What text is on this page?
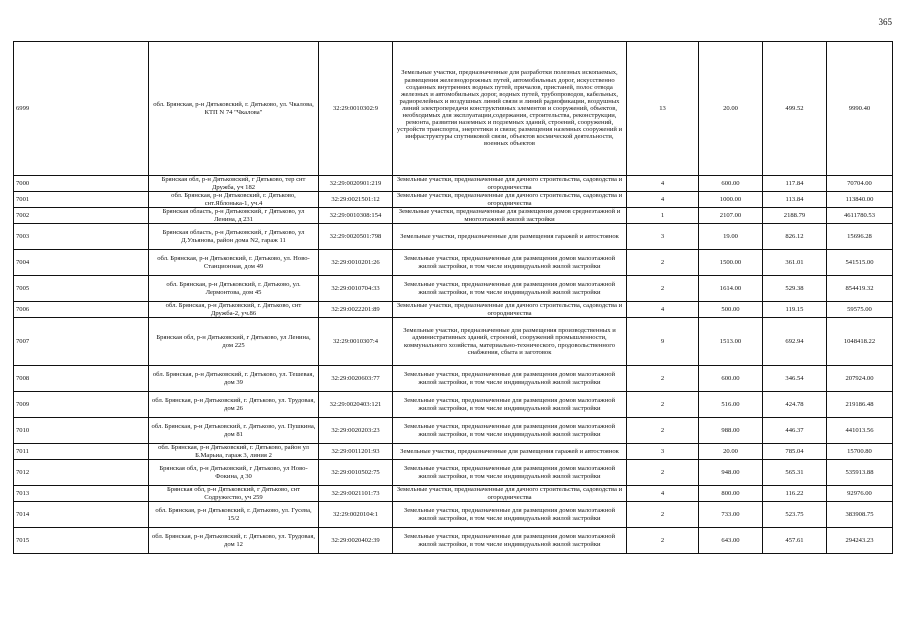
365
6999	обл. Брянская, р-н Дятьковский, г. Дятьково, ул. Чкалова, КТП N 74 "Чкалова"	32:29:0010302:9	Земельные участки, предназначенные для разработки полезных ископаемых, размещения железнодорожных путей, автомобильных дорог, искусственно созданных внутренних водных путей, причалов, пристаней, полос отвода железных и автомобильных дорог, водных путей, трубопроводов, кабельных, радиорелейных и воздушных линий связи и линий радиофикации, воздушных линий электропередачи конструктивных элементов и сооружений, объектов, необходимых для эксплуатации,содержания, строительства, реконструкции, ремонта, развития наземных и подземных зданий, строений, сооружений, устройств транспорта, энергетики и связи; размещения наземных сооружений и инфраструктуры спутниковой связи, объектов космической деятельности, военных объектов	13	20.00	499.52	9990.40
7000	Брянская обл, р-н Дятьковский, г Дятьково, тер снт Дружба, уч 182	32:29:0020901:219	Земельные участки, предназначенные для дачного строительства, садоводства и огородничества	4	600.00	117.84	70704.00
7001	обл. Брянская, р-н Дятьковский, г. Дятьково, снт.Яблонька-1, уч.4	32:29:0021501:12	Земельные участки, предназначенные для дачного строительства, садоводства и огородничества	4	1000.00	113.84	113840.00
7002	Брянская область, р-н Дятьковский, г Дятьково, ул Ленина, д 231	32:29:0010308:154	Земельные участки, предназначенные для размещения домов среднеэтажной и многоэтажной жилой застройки	1	2107.00	2188.79	4611780.53
7003	Брянская область, р-н Дятьковский, г Дятьково, ул Д.Ульянова, район дома N2, гараж 11	32:29:0020501:798	Земельные участки, предназначенные для размещения гаражей и автостоянок	3	19.00	826.12	15696.28
7004	обл. Брянская, р-н Дятьковский, г. Дятьково, ул. Ново-Станционная, дом 49	32:29:0010201:26	Земельные участки, предназначенные для размещения домов малоэтажной жилой застройки, в том числе индивидуальной жилой застройки	2	1500.00	361.01	541515.00
7005	обл. Брянская, р-н Дятьковский, г. Дятьково, ул. Лермонтова, дом 45	32:29:0010704:33	Земельные участки, предназначенные для размещения домов малоэтажной жилой застройки, в том числе индивидуальной жилой застройки	2	1614.00	529.38	854419.32
7006	обл. Брянская, р-н Дятьковский, г. Дятьково, снт Дружба-2, уч.86	32:29:0022201:89	Земельные участки, предназначенные для дачного строительства, садоводства и огородничества	4	500.00	119.15	59575.00
7007	Брянская обл, р-н Дятьковский, г Дятьково, ул Ленина, дом 225	32:29:0010307:4	Земельные участки, предназначенные для размещения производственных и административных зданий, строений, сооружений промышленности, коммунального хозяйства, материально-технического, продовольственного снабжения, сбыта и заготовок	9	1513.00	692.94	1048418.22
7008	обл. Брянская, р-н Дятьковский, г. Дятьково, ул. Тешевая, дом 39	32:29:0020603:77	Земельные участки, предназначенные для размещения домов малоэтажной жилой застройки, в том числе индивидуальной жилой застройки	2	600.00	346.54	207924.00
7009	обл. Брянская, р-н Дятьковский, г. Дятьково, ул. Трудовая, дом 26	32:29:0020403:121	Земельные участки, предназначенные для размещения домов малоэтажной жилой застройки, в том числе индивидуальной жилой застройки	2	516.00	424.78	219186.48
7010	обл. Брянская, р-н Дятьковский, г. Дятьково, ул. Пушкина, дом 81	32:29:0020203:23	Земельные участки, предназначенные для размещения домов малоэтажной жилой застройки, в том числе индивидуальной жилой застройки	2	988.00	446.37	441013.56
7011	обл. Брянская, р-н Дятьковский, г. Дятьково, район ул Б.Марьиа, гараж 3, линия 2	32:29:0011201:93	Земельные участки, предназначенные для размещения гаражей и автостоянок	3	20.00	785.04	15700.80
7012	Брянская обл, р-н Дятьковский, г Дятьково, ул Ново-Фокина, д 30	32:29:0010502:75	Земельные участки, предназначенные для размещения домов малоэтажной жилой застройки, в том числе индивидуальной жилой застройки	2	948.00	565.31	535913.88
7013	Брянская обл, р-н Дятьковский, г Дятьково, снт Содружество, уч 259	32:29:0021101:73	Земельные участки, предназначенные для дачного строительства, садоводства и огородничества	4	800.00	116.22	92976.00
7014	обл. Брянская, р-н Дятьковский, г. Дятьково, ул. Гусева, 15/2	32:29:0020104:1	Земельные участки, предназначенные для размещения домов малоэтажной жилой застройки, в том числе индивидуальной жилой застройки	2	733.00	523.75	383908.75
7015	обл. Брянская, р-н Дятьковский, г. Дятьково, ул. Трудовая, дом 12	32:29:0020402:39	Земельные участки, предназначенные для размещения домов малоэтажной жилой застройки, в том числе индивидуальной жилой застройки	2	643.00	457.61	294243.23
